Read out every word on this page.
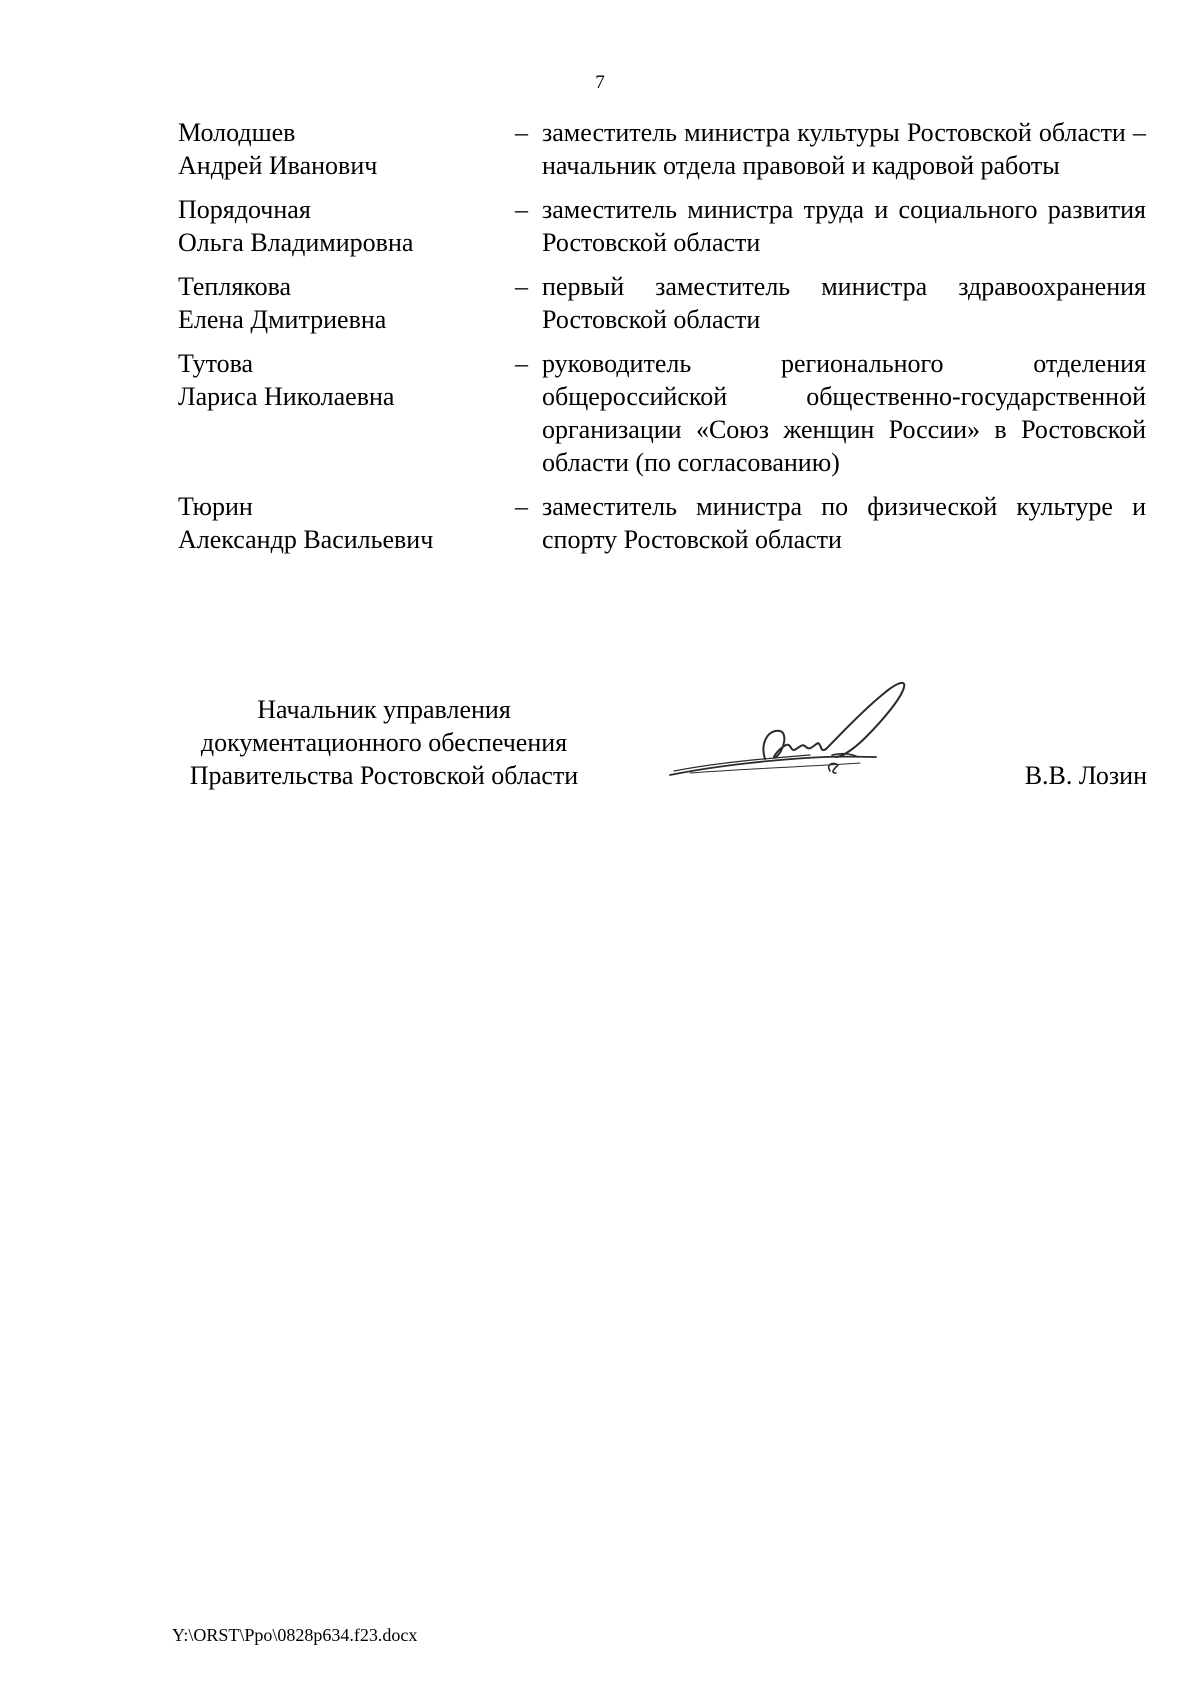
7
Молодшев
Андрей Иванович
– заместитель министра культуры Ростовской области – начальник отдела правовой и кадровой работы
Порядочная
Ольга Владимировна
– заместитель министра труда и социального развития Ростовской области
Теплякова
Елена Дмитриевна
– первый заместитель министра здравоохранения Ростовской области
Тутова
Лариса Николаевна
– руководитель регионального отделения общероссийской общественно-государственной организации «Союз женщин России» в Ростовской области (по согласованию)
Тюрин
Александр Васильевич
– заместитель министра по физической культуре и спорту Ростовской области
Начальник управления
документационного обеспечения
Правительства Ростовской области	В.В. Лозин
Y:\ORST\Ppo\0828p634.f23.docx
